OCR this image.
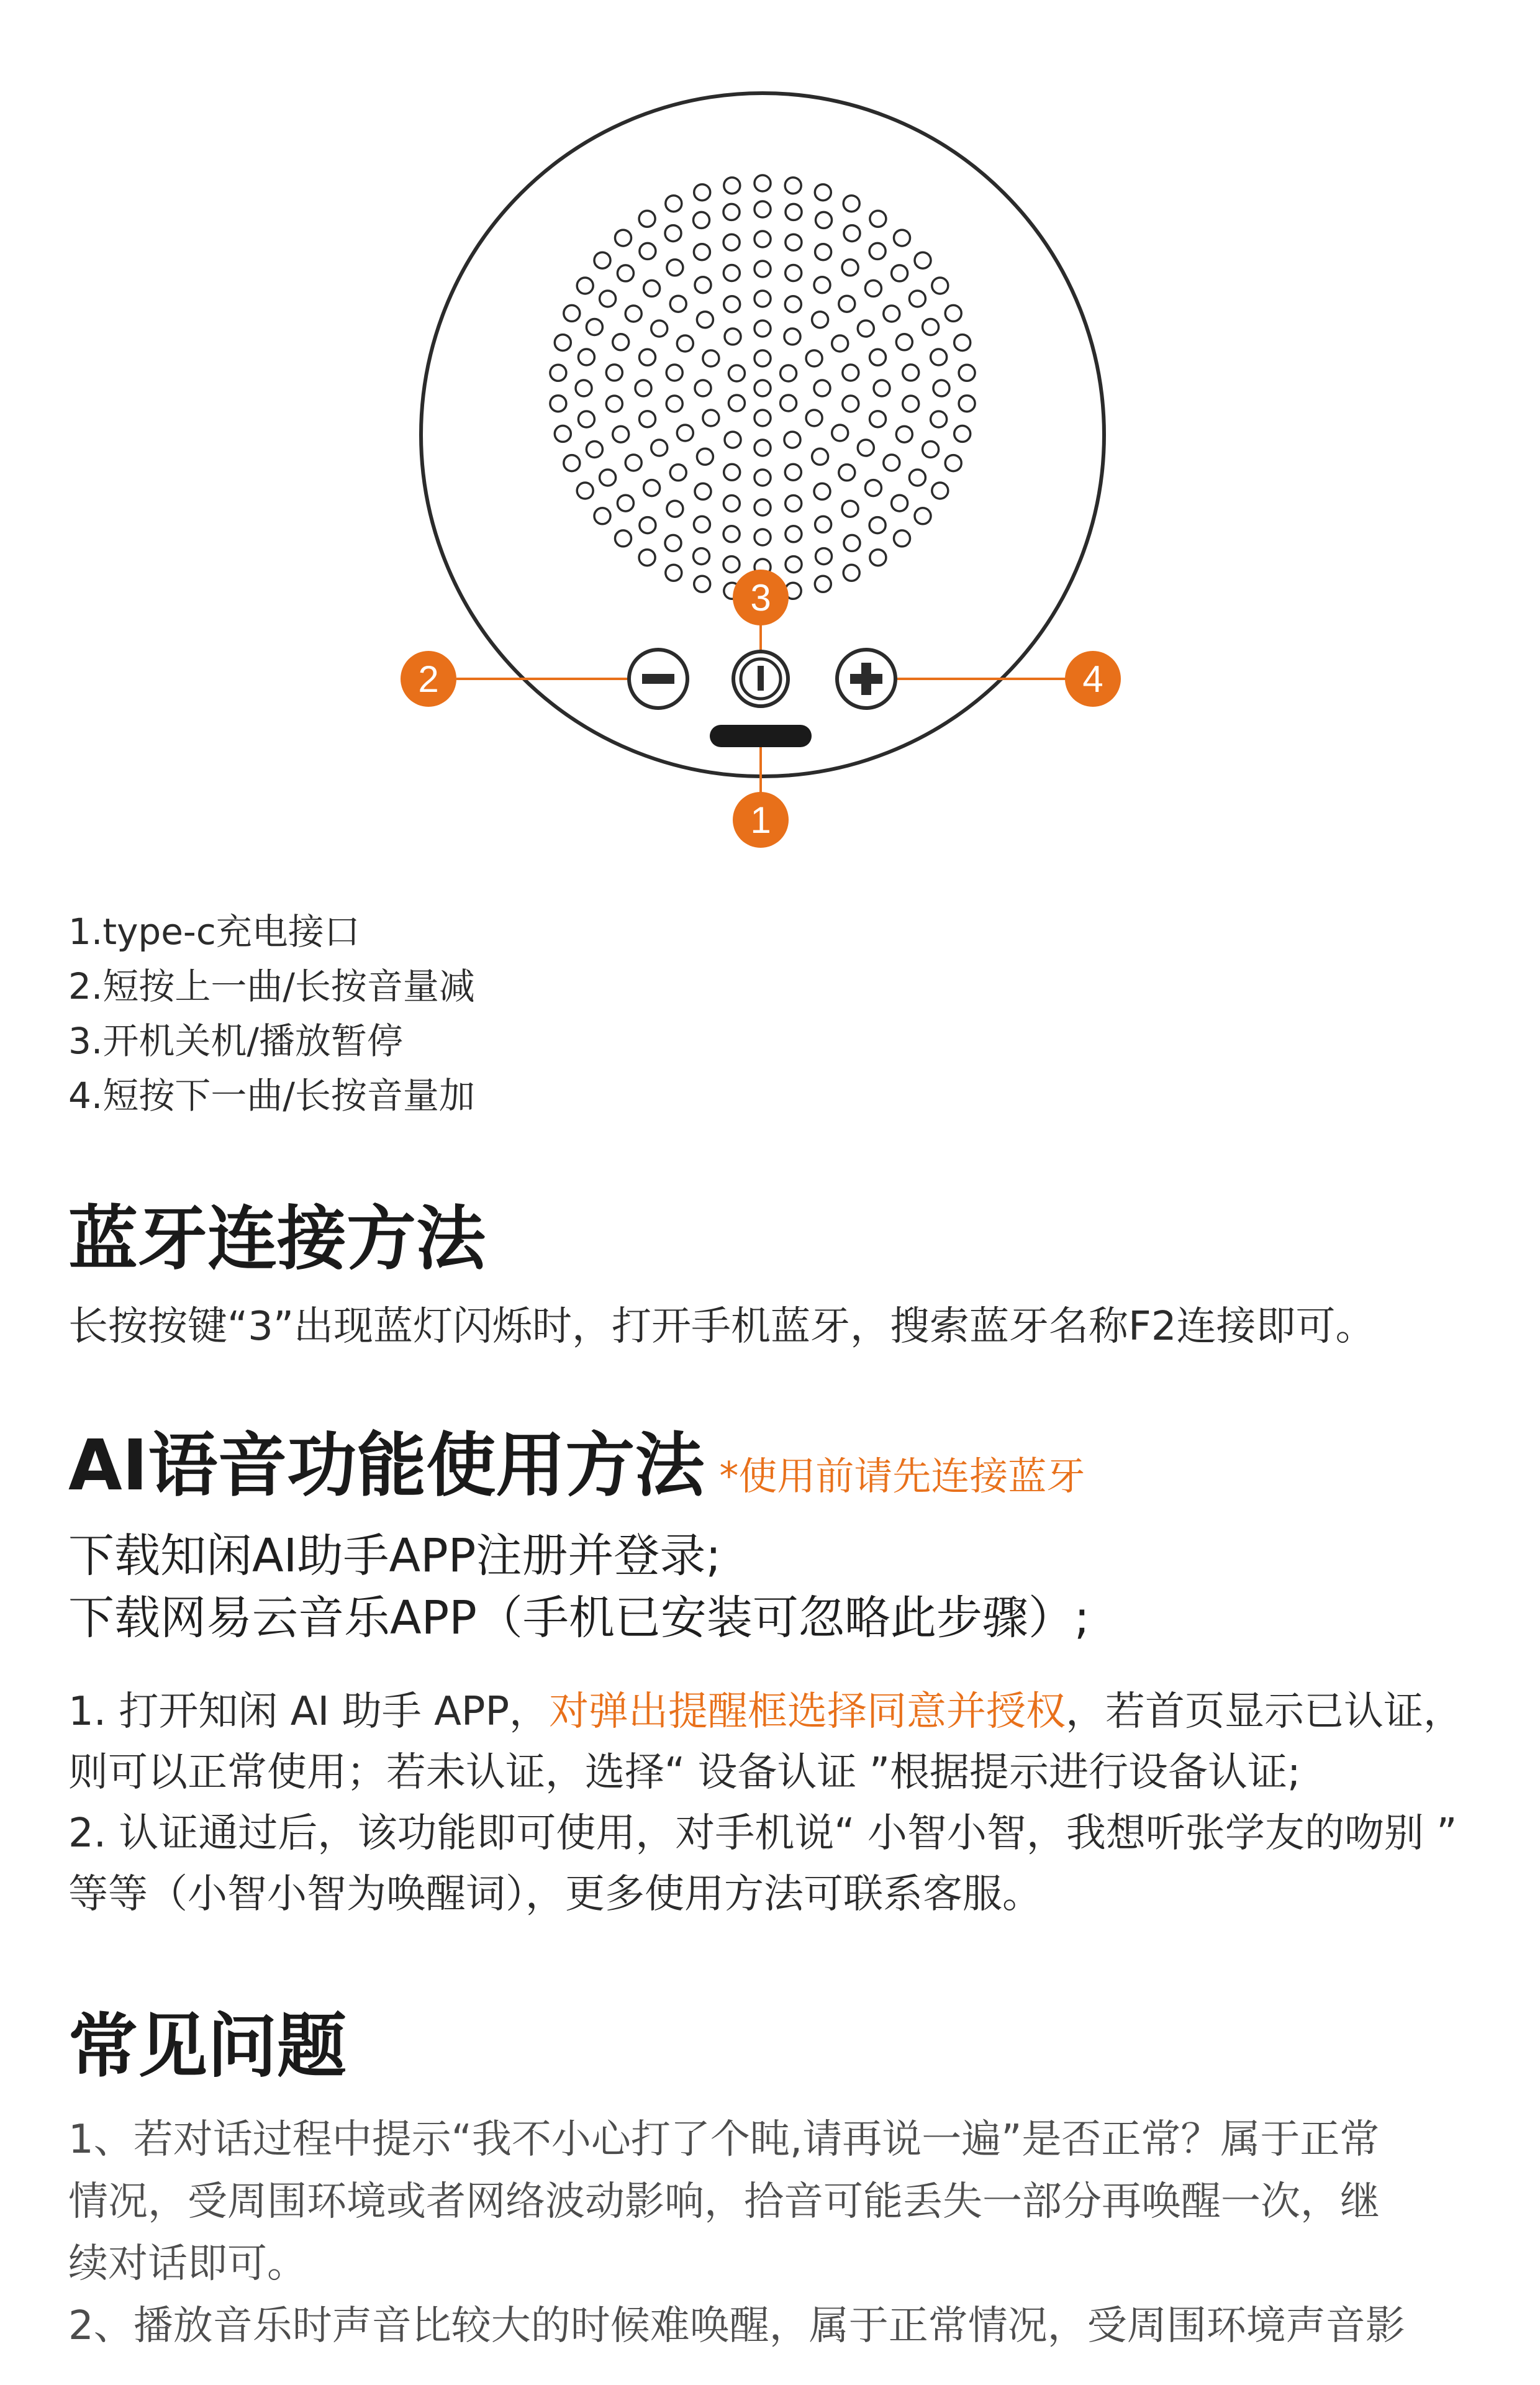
2	4
3
1
1.type-c充电接口
2.短按上一曲/长按音量减
3.开机关机/播放暂停
4.短按下一曲/长按音量加
蓝牙连接方法

长按按键“3”出现蓝灯闪烁时，打开手机蓝牙，搜索蓝牙名称F2连接即可。

AI语音功能使用方法 *使用前请先连接蓝牙

下载知闲AI助手APP注册并登录;

下载网易云音乐APP（手机已安装可忽略此步骤）;

1. 打开知闲 AI 助手 APP，对弹出提醒框选择同意并授权，若首页显示已认证，

则可以正常使用；若未认证，选择“ 设备认证 ”根据提示进行设备认证;

2. 认证通过后，该功能即可使用，对手机说“ 小智小智，我想听张学友的吻别 ”

等等（小智小智为唤醒词），更多使用方法可联系客服。

常见问题

1、若对话过程中提示“我不小心打了个盹,请再说一遍”是否正常？属于正常

情况，受周围环境或者网络波动影响，拾音可能丢失一部分再唤醒一次，继

续对话即可。

2、播放音乐时声音比较大的时候难唤醒，属于正常情况，受周围环境声音影
